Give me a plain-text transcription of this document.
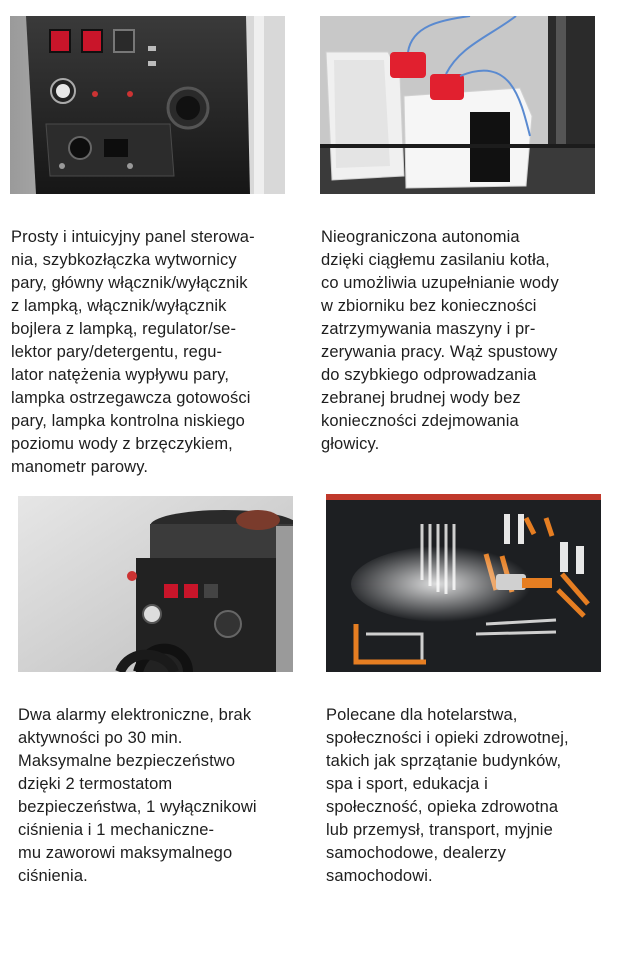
Prosty i intuicyjny panel sterowa-
nia, szybkozłączka wytwornicy
pary, główny włącznik/wyłącznik
z lampką, włącznik/wyłącznik
bojlera z lampką, regulator/se-
lektor pary/detergentu, regu-
lator natężenia wypływu pary,
lampka ostrzegawcza gotowości
pary, lampka kontrolna niskiego
poziomu wody z brzęczykiem,
manometr parowy.

Nieograniczona autonomia
dzięki ciągłemu zasilaniu kotła,
co umożliwia uzupełnianie wody
w zbiorniku bez konieczności
zatrzymywania maszyny i pr-
zerywania pracy. Wąż spustowy
do szybkiego odprowadzania
zebranej brudnej wody bez
konieczności zdejmowania
głowicy.

Dwa alarmy elektroniczne, brak
aktywności po 30 min.
Maksymalne bezpieczeństwo
dzięki 2 termostatom
bezpieczeństwa, 1 wyłącznikowi
ciśnienia i 1 mechaniczne-
mu zaworowi maksymalnego
ciśnienia.

Polecane dla hotelarstwa,
społeczności i opieki zdrowotnej,
takich jak sprzątanie budynków,
spa i sport, edukacja i
społeczność, opieka zdrowotna
lub przemysł, transport, myjnie
samochodowe, dealerzy
samochodowi.
